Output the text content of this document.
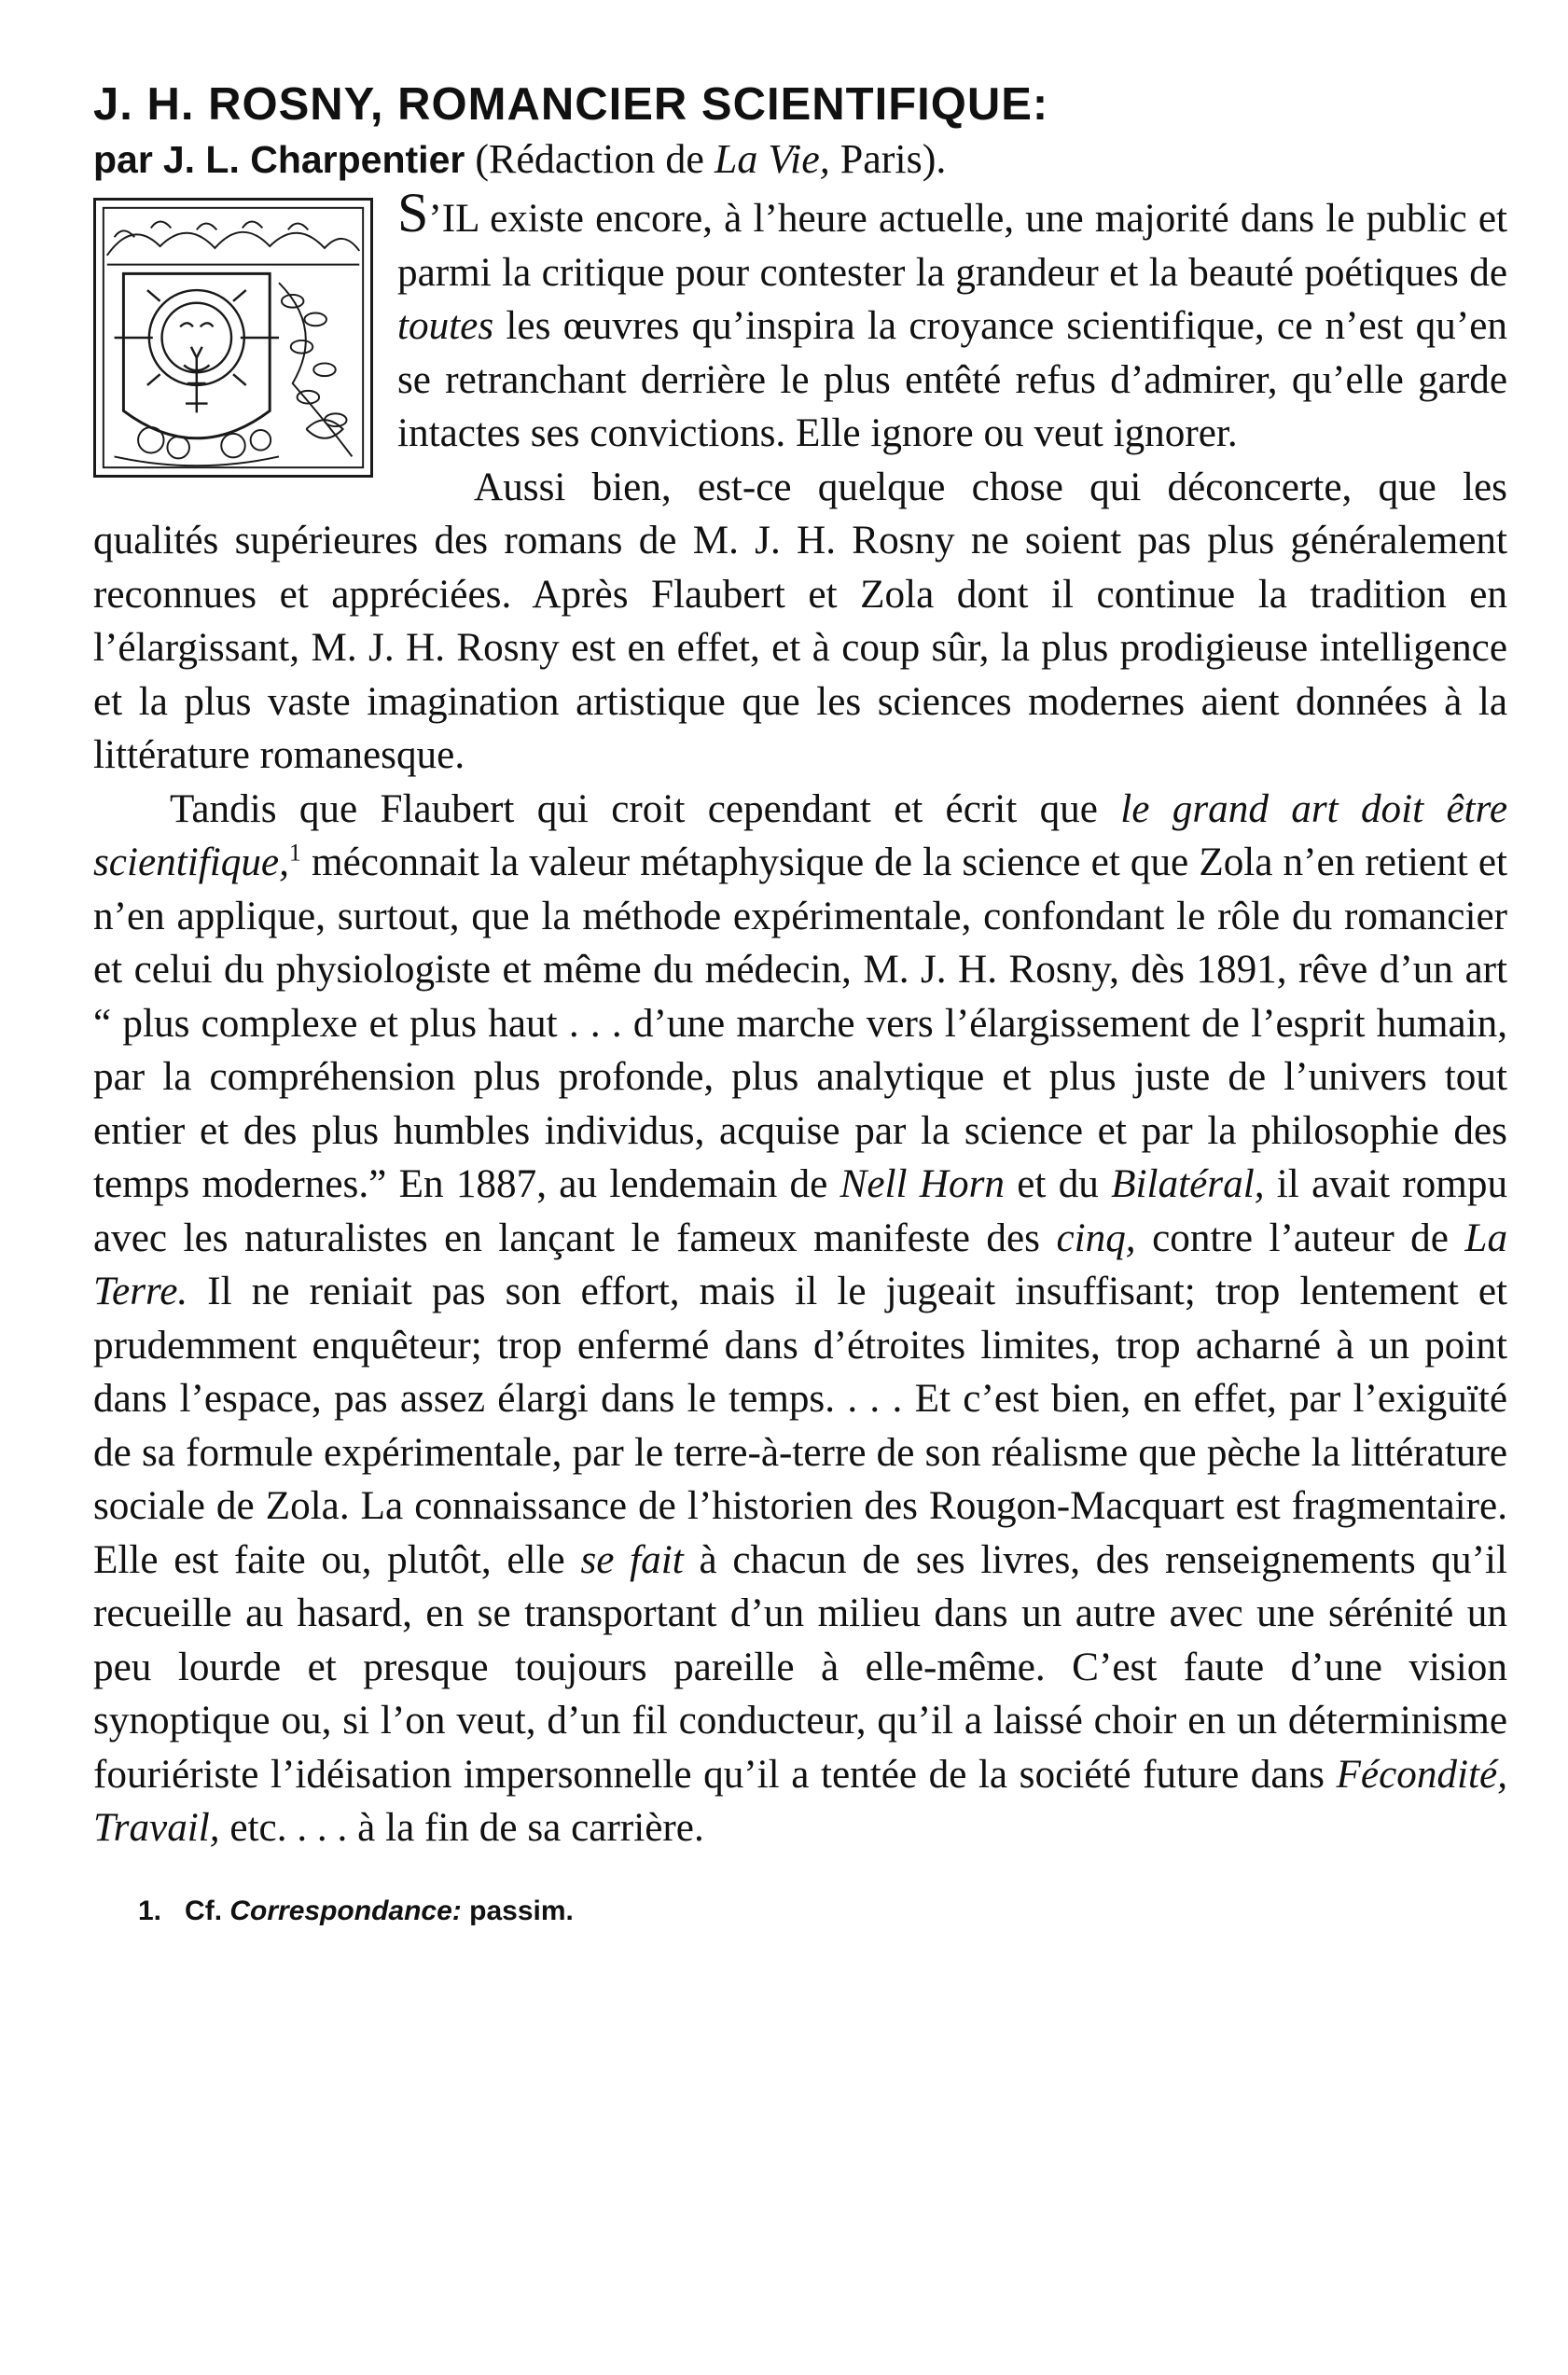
J. H. ROSNY, ROMANCIER SCIENTIFIQUE:

par J. L. Charpentier (Rédaction de La Vie, Paris).

S’IL existe encore, à l’heure actuelle, une majorité dans le public et parmi la critique pour contester la grandeur et la beauté poétiques de toutes les œuvres qu’inspira la croyance scientifique, ce n’est qu’en se retranchant derrière le plus entêté refus d’admirer, qu’elle garde intactes ses convictions. Elle ignore ou veut ignorer.

Aussi bien, est-ce quelque chose qui déconcerte, que les qualités supérieures des romans de M. J. H. Rosny ne soient pas plus généralement reconnues et appréciées. Après Flaubert et Zola dont il continue la tradition en l’élargissant, M. J. H. Rosny est en effet, et à coup sûr, la plus prodigieuse intelligence et la plus vaste imagination artistique que les sciences modernes aient données à la littérature romanesque.

Tandis que Flaubert qui croit cependant et écrit que le grand art doit être scientifique,$^1$ méconnait la valeur métaphysique de la science et que Zola n’en retient et n’en applique, surtout, que la méthode expérimentale, confondant le rôle du romancier et celui du physiologiste et même du médecin, M. J. H. Rosny, dès 1891, rêve d’un art “ plus complexe et plus haut . . . d’une marche vers l’élargissement de l’esprit humain, par la compréhension plus profonde, plus analytique et plus juste de l’univers tout entier et des plus humbles individus, acquise par la science et par la philosophie des temps modernes.” En 1887, au lendemain de Nell Horn et du Bilatéral, il avait rompu avec les naturalistes en lançant le fameux manifeste des cinq, contre l’auteur de La Terre. Il ne reniait pas son effort, mais il le jugeait insuffisant; trop lentement et prudemment enquêteur; trop enfermé dans d’étroites limites, trop acharné à un point dans l’espace, pas assez élargi dans le temps. . . . Et c’est bien, en effet, par l’exiguïté de sa formule expérimentale, par le terre-à-terre de son réalisme que pèche la littérature sociale de Zola. La connaissance de l’historien des Rougon-Macquart est fragmentaire. Elle est faite ou, plutôt, elle se fait à chacun de ses livres, des renseignements qu’il recueille au hasard, en se transportant d’un milieu dans un autre avec une sérénité un peu lourde et presque toujours pareille à elle-même. C’est faute d’une vision synoptique ou, si l’on veut, d’un fil conducteur, qu’il a laissé choir en un déterminisme fouriériste l’idéisation impersonnelle qu’il a tentée de la société future dans Fécondité, Travail, etc. . . . à la fin de sa carrière.

1. Cf. Correspondance: passim.
